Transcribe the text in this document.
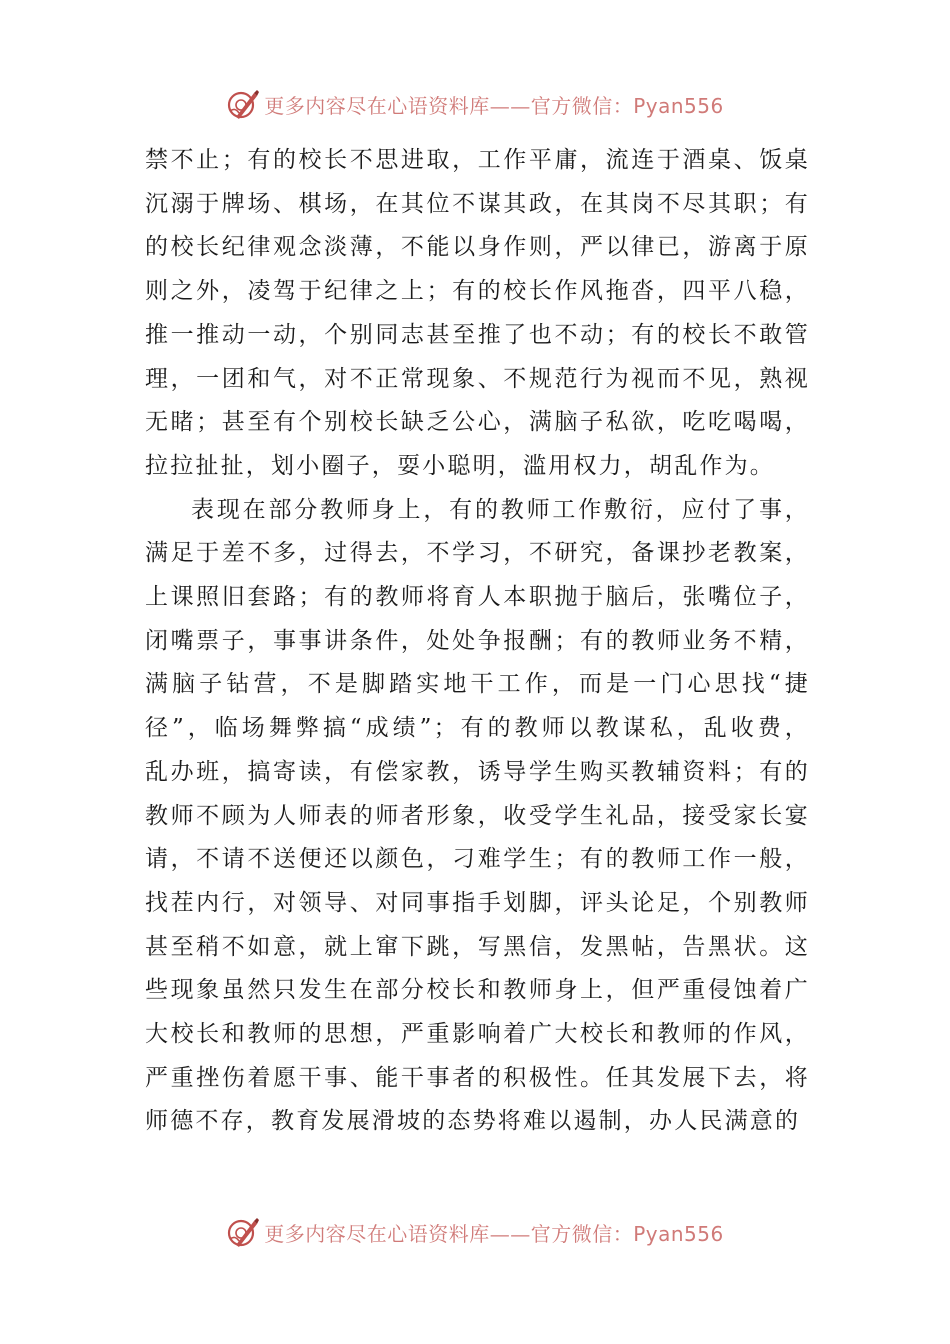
更多内容尽在心语资料库——官方微信：Pyan556
禁不止；有的校长不思进取，工作平庸，流连于酒桌、饭桌
沉溺于牌场、棋场，在其位不谋其政，在其岗不尽其职；有
的校长纪律观念淡薄，不能以身作则，严以律已，游离于原
则之外，凌驾于纪律之上；有的校长作风拖沓，四平八稳，
推一推动一动，个别同志甚至推了也不动；有的校长不敢管
理，一团和气，对不正常现象、不规范行为视而不见，熟视
无睹；甚至有个别校长缺乏公心，满脑子私欲，吃吃喝喝，
拉拉扯扯，划小圈子，耍小聪明，滥用权力，胡乱作为。
表现在部分教师身上，有的教师工作敷衍，应付了事，
满足于差不多，过得去，不学习，不研究，备课抄老教案，
上课照旧套路；有的教师将育人本职抛于脑后，张嘴位子，
闭嘴票子，事事讲条件，处处争报酬；有的教师业务不精，
满脑子钻营，不是脚踏实地干工作，而是一门心思找“捷
径”，临场舞弊搞“成绩”；有的教师以教谋私，乱收费，
乱办班，搞寄读，有偿家教，诱导学生购买教辅资料；有的
教师不顾为人师表的师者形象，收受学生礼品，接受家长宴
请，不请不送便还以颜色，刁难学生；有的教师工作一般，
找茬内行，对领导、对同事指手划脚，评头论足，个别教师
甚至稍不如意，就上窜下跳，写黑信，发黑帖，告黑状。这
些现象虽然只发生在部分校长和教师身上，但严重侵蚀着广
大校长和教师的思想，严重影响着广大校长和教师的作风，
严重挫伤着愿干事、能干事者的积极性。任其发展下去，将
师德不存，教育发展滑坡的态势将难以遏制，办人民满意的
更多内容尽在心语资料库——官方微信：Pyan556
